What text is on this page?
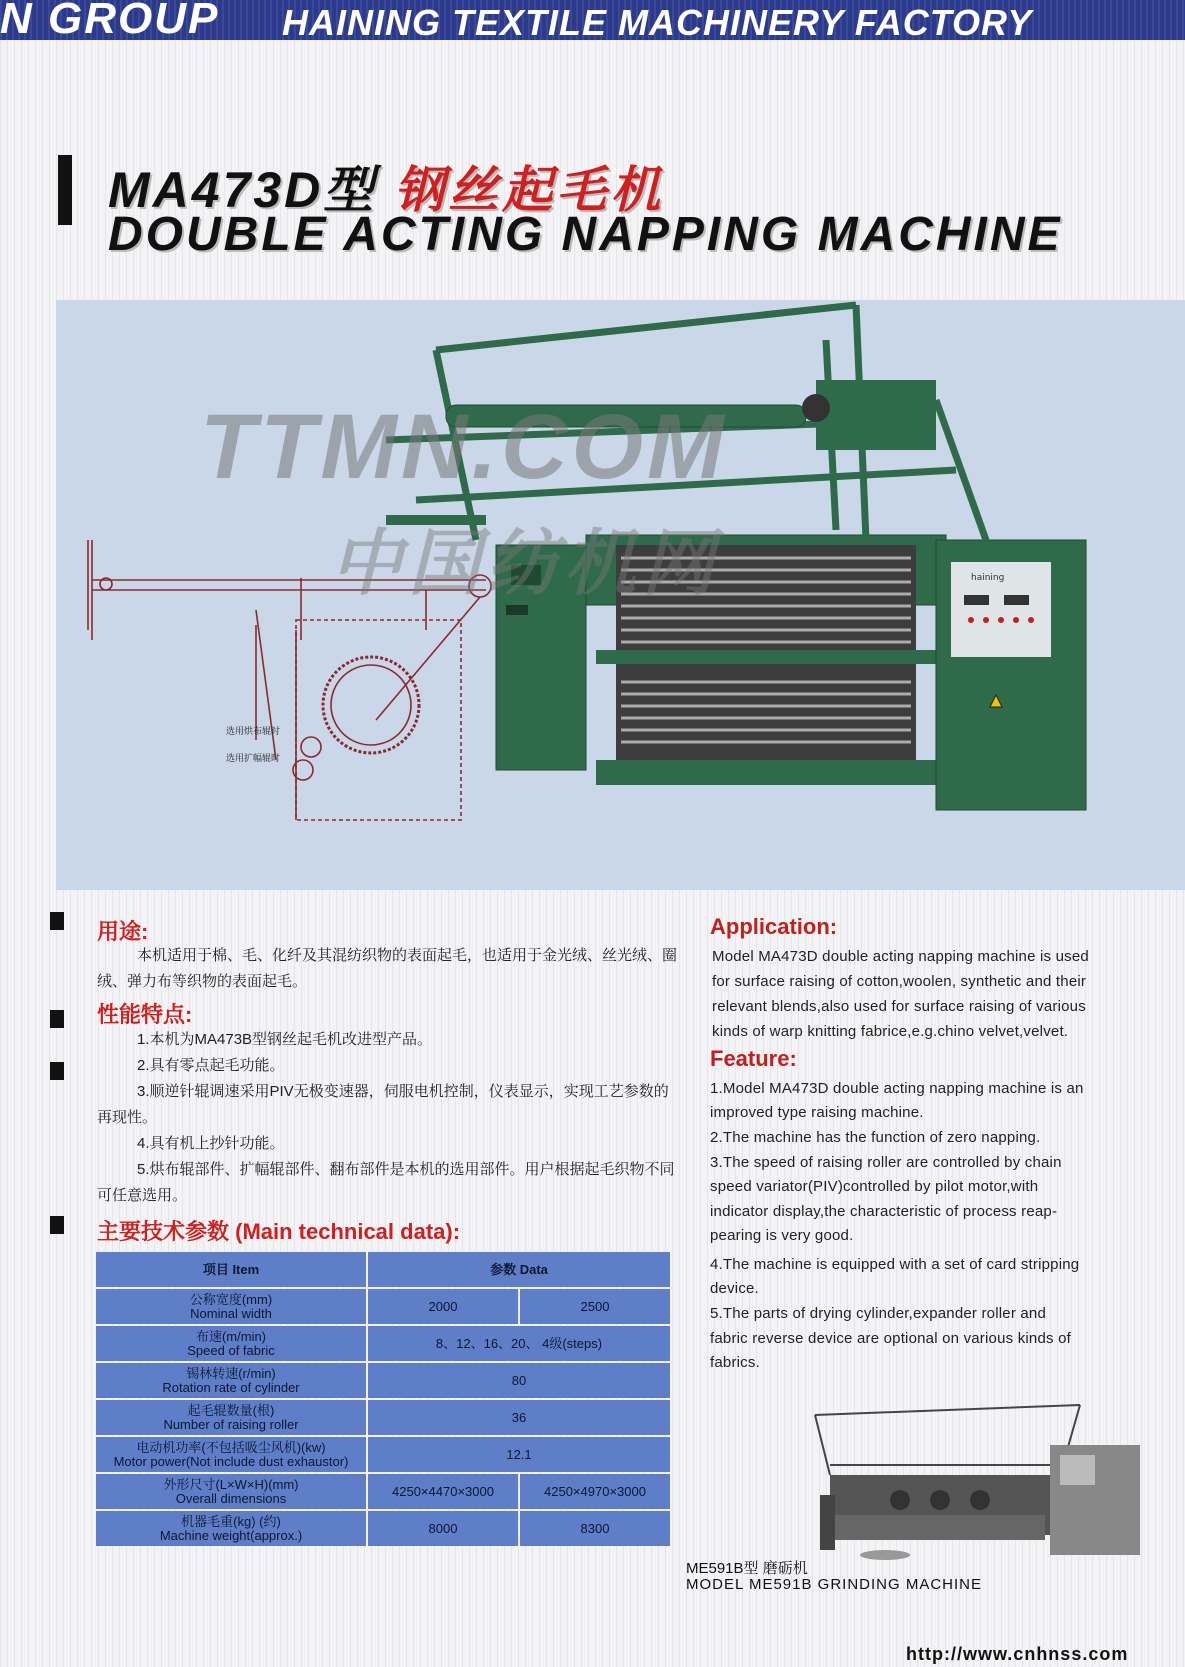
N GROUP HAINING TEXTILE MACHINERY FACTORY
MA473D型 钢丝起毛机
DOUBLE ACTING NAPPING MACHINE
选用烘布辊时
选用扩幅辊时
haining
TTMN.COM
中国纺机网
用途:

本机适用于棉、毛、化纤及其混纺织物的表面起毛，也适用于金光绒、丝光绒、圈绒、弹力布等织物的表面起毛。

性能特点:

1.本机为MA473B型钢丝起毛机改进型产品。

2.具有零点起毛功能。

3.顺逆针辊调速采用PIV无极变速器，伺服电机控制，仪表显示，实现工艺参数的再现性。

4.具有机上抄针功能。

5.烘布辊部件、扩幅辊部件、翻布部件是本机的选用部件。用户根据起毛织物不同可任意选用。

主要技术参数 (Main technical data):
项目 Item	参数 Data	

公称宽度(mm)
Nominal width	2000	2500

布速(m/min)
Speed of fabric	8、12、16、20、 4级(steps)	

锡林转速(r/min)
Rotation rate of cylinder	80	

起毛辊数量(根)
Number of raising roller	36	

电动机功率(不包括吸尘风机)(kw)
Motor power(Not include dust exhaustor)	12.1	

外形尺寸(L×W×H)(mm)
Overall dimensions	4250×4470×3000	4250×4970×3000

机器毛重(kg) (约)
Machine weight(approx.)	8000	8300
Application:

Model MA473D double acting napping machine is used

for surface raising of cotton,woolen, synthetic and their

relevant blends,also used for surface raising of various

kinds of warp knitting fabrice,e.g.chino velvet,velvet.

Feature:

1.Model MA473D double acting napping machine is an

improved type raising machine.

2.The machine has the function of zero napping.

3.The speed of raising roller are controlled by chain

speed variator(PIV)controlled by pilot motor,with

indicator display,the characteristic of process reap-

pearing is very good.

4.The machine is equipped with a set of card stripping

device.

5.The parts of drying cylinder,expander roller and

fabric reverse device are optional on various kinds of

fabrics.

ME591B型 磨砺机
MODEL ME591B GRINDING MACHINE
http://www.cnhnss.com
